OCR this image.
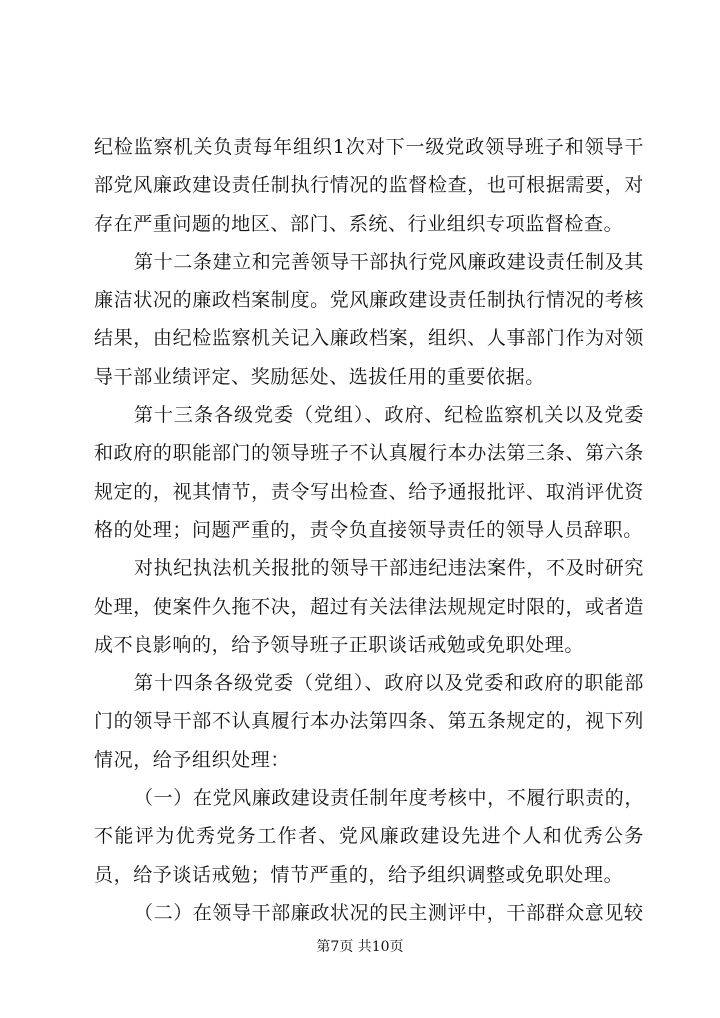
纪检监察机关负责每年组织1次对下一级党政领导班子和领导干部党风廉政建设责任制执行情况的监督检查，也可根据需要，对存在严重问题的地区、部门、系统、行业组织专项监督检查。

第十二条建立和完善领导干部执行党风廉政建设责任制及其廉洁状况的廉政档案制度。党风廉政建设责任制执行情况的考核结果，由纪检监察机关记入廉政档案，组织、人事部门作为对领导干部业绩评定、奖励惩处、选拔任用的重要依据。

第十三条各级党委（党组）、政府、纪检监察机关以及党委和政府的职能部门的领导班子不认真履行本办法第三条、第六条规定的，视其情节，责令写出检查、给予通报批评、取消评优资格的处理；问题严重的，责令负直接领导责任的领导人员辞职。

对执纪执法机关报批的领导干部违纪违法案件，不及时研究处理，使案件久拖不决，超过有关法律法规规定时限的，或者造成不良影响的，给予领导班子正职谈话戒勉或免职处理。

第十四条各级党委（党组）、政府以及党委和政府的职能部门的领导干部不认真履行本办法第四条、第五条规定的，视下列情况，给予组织处理：

（一）在党风廉政建设责任制年度考核中，不履行职责的，不能评为优秀党务工作者、党风廉政建设先进个人和优秀公务员，给予谈话戒勉；情节严重的，给予组织调整或免职处理。

（二）在领导干部廉政状况的民主测评中，干部群众意见较

第7页 共10页
